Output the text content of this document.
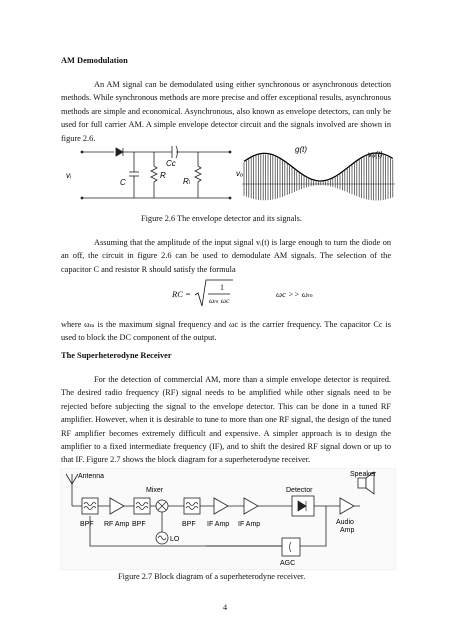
AM Demodulation

An AM signal can be demodulated using either synchronous or asynchronous detection methods. While synchronous methods are more precise and offer exceptional results, asynchronous methods are simple and economical. Asynchronous, also known as envelope detectors, can only be used for full carrier AM. A simple envelope detector circuit and the signals involved are shown in figure 2.6.

vᵢ
C
R
Rₗ
Cc
vₒ
g(t)
vₒ(t)
Figure 2.6 The envelope detector and its signals.

Assuming that the amplitude of the input signal vᵢ(t) is large enough to turn the diode on an off, the circuit in figure 2.6 can be used to demodulate AM signals. The selection of the capacitor C and resistor R should satisfy the formula

RC =
1
ωₘ ωc
ωc >> ωₘ

where ωₘ is the maximum signal frequency and ωc is the carrier frequency. The capacitor Cc is used to block the DC component of the output.

The Superheterodyne Receiver

For the detection of commercial AM, more than a simple envelope detector is required. The desired radio frequency (RF) signal needs to be amplified while other signals need to be rejected before subjecting the signal to the envelope detector. This can be done in a tuned RF amplifier. However, when it is desirable to tune to more than one RF signal, the design of the tuned RF amplifier becomes extremely difficult and expensive. A simpler approach is to design the amplifier to a fixed intermediate frequency (IF), and to shift the desired RF signal down or up to that IF. Figure 2.7 shows the block diagram for a superheterodyne receiver.

Antenna
Mixer	Detector
Speaker
BPF RF Amp BPF	BPF IF Amp IF Amp	Audio
Amp
LO
AGC
Figure 2.7 Block diagram of a superheterodyne receiver.
4
